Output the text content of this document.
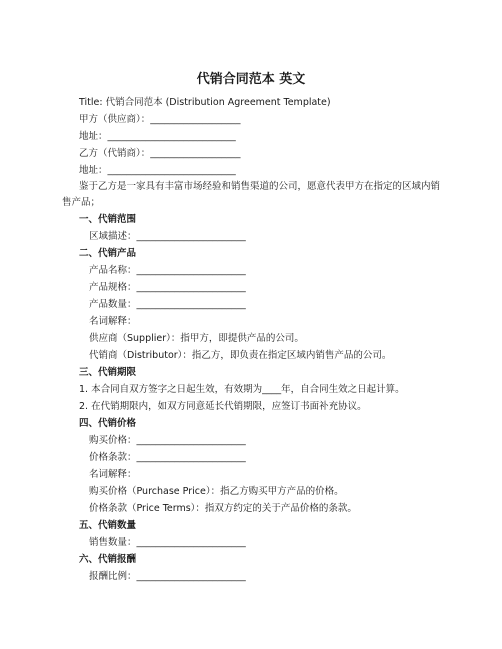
代销合同范本 英文
Title: 代销合同范本 (Distribution Agreement Template)
甲方（供应商）：___________________
地址：___________________________
乙方（代销商）：___________________
地址：___________________________
鉴于乙方是一家具有丰富市场经验和销售渠道的公司，愿意代表甲方在指定的区域内销售产品；
一、代销范围
区域描述：_______________________
二、代销产品
产品名称：_______________________
产品规格：_______________________
产品数量：_______________________
名词解释：
供应商（Supplier）：指甲方，即提供产品的公司。
代销商（Distributor）：指乙方，即负责在指定区域内销售产品的公司。
三、代销期限
1. 本合同自双方签字之日起生效，有效期为____年，自合同生效之日起计算。
2. 在代销期限内，如双方同意延长代销期限，应签订书面补充协议。
四、代销价格
购买价格：_______________________
价格条款：_______________________
名词解释：
购买价格（Purchase Price）：指乙方购买甲方产品的价格。
价格条款（Price Terms）：指双方约定的关于产品价格的条款。
五、代销数量
销售数量：_______________________
六、代销报酬
报酬比例：_______________________
